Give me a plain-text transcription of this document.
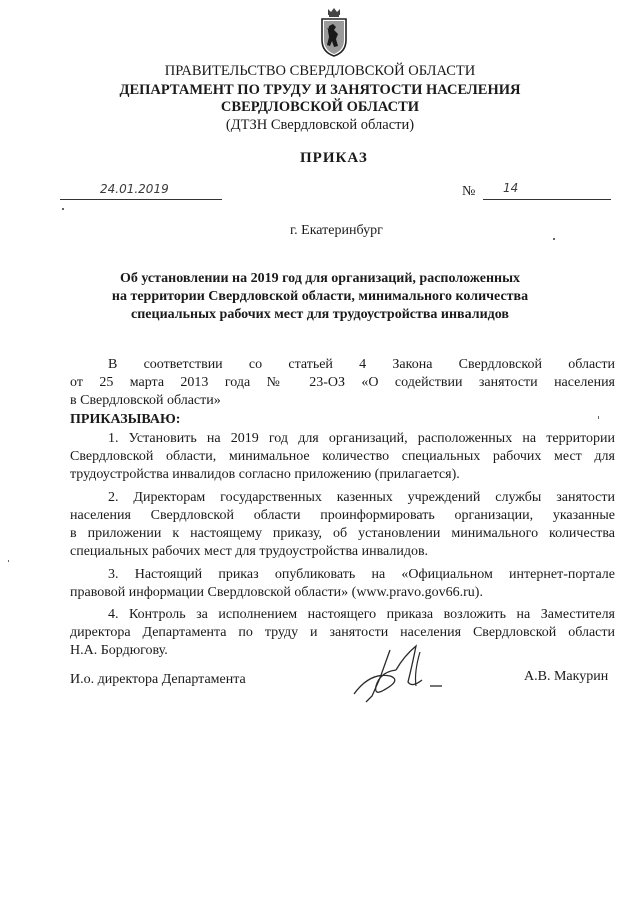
ПРАВИТЕЛЬСТВО СВЕРДЛОВСКОЙ ОБЛАСТИ
ДЕПАРТАМЕНТ ПО ТРУДУ И ЗАНЯТОСТИ НАСЕЛЕНИЯ
СВЕРДЛОВСКОЙ ОБЛАСТИ
(ДТЗН Свердловской области)
ПРИКАЗ
24.01.2019	№ 14
г. Екатеринбург
Об установлении на 2019 год для организаций, расположенных
на территории Свердловской области, минимального количества
специальных рабочих мест для трудоустройства инвалидов
В соответствии со статьей 4 Закона Свердловской области
от 25 марта 2013 года № 23-ОЗ «О содействии занятости населения
в Свердловской области»
ПРИКАЗЫВАЮ:
1. Установить на 2019 год для организаций, расположенных на территории
Свердловской области, минимальное количество специальных рабочих мест для
трудоустройства инвалидов согласно приложению (прилагается).
2. Директорам государственных казенных учреждений службы занятости
населения Свердловской области проинформировать организации, указанные
в приложении к настоящему приказу, об установлении минимального количества
специальных рабочих мест для трудоустройства инвалидов.
3. Настоящий приказ опубликовать на «Официальном интернет-портале
правовой информации Свердловской области» (www.pravo.gov66.ru).
4. Контроль за исполнением настоящего приказа возложить на Заместителя
директора Департамента по труду и занятости населения Свердловской области
Н.А. Бордюгову.
И.о. директора Департамента	А.В. Макурин
